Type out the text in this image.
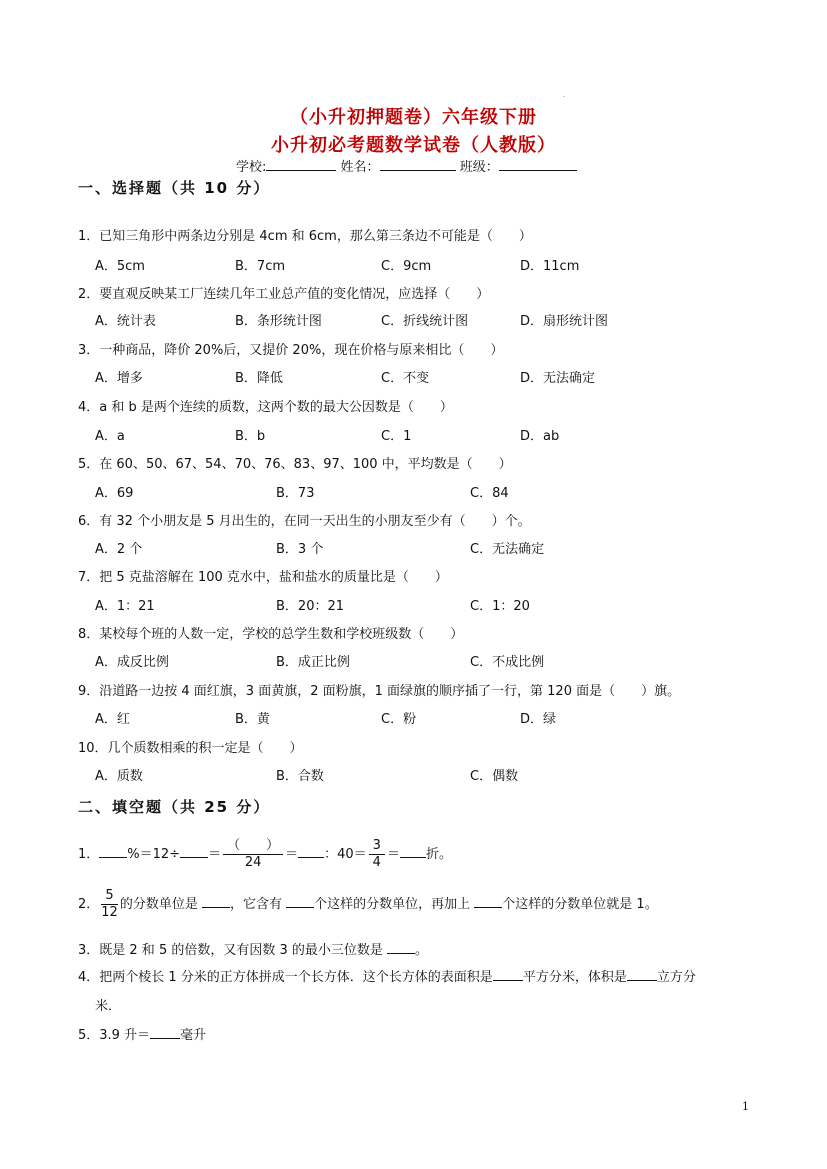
.
（小升初押题卷）六年级下册
小升初必考题数学试卷（人教版）
学校:	姓名：	班级：
一、选择题（共 10 分）
1．已知三角形中两条边分别是 4cm 和 6cm，那么第三条边不可能是（　　）
A．5cm	B．7cm	C．9cm	D．11cm
2．要直观反映某工厂连续几年工业总产值的变化情况，应选择（　　）
A．统计表	B．条形统计图	C．折线统计图	D．扇形统计图
3．一种商品，降价 20%后，又提价 20%，现在价格与原来相比（　　）
A．增多	B．降低	C．不变	D．无法确定
4．a 和 b 是两个连续的质数，这两个数的最大公因数是（　　）
A．a	B．b	C．1	D．ab
5．在 60、50、67、54、70、76、83、97、100 中，平均数是（　　）
A．69	B．73	C．84
6．有 32 个小朋友是 5 月出生的，在同一天出生的小朋友至少有（　　）个。
A．2 个	B．3 个	C．无法确定
7．把 5 克盐溶解在 100 克水中，盐和盐水的质量比是（　　）
A．1：21	B．20：21	C．1：20
8．某校每个班的人数一定，学校的总学生数和学校班级数（　　）
A．成反比例	B．成正比例	C．不成比例
9．沿道路一边按 4 面红旗，3 面黄旗，2 面粉旗，1 面绿旗的顺序插了一行，第 120 面是（　　）旗。
A．红	B．黄	C．粉	D．绿
10．几个质数相乘的积一定是（　　）
A．质数	B．合数	C．偶数
二、填空题（共 25 分）
1． $\%=12\div = \frac{( )}{24}$ ＝ ：$40= \frac{3}{4}$ ＝ 折。
2． $\frac{5}{12}$ 的分数单位是 ，它含有 个这样的分数单位，再加上 个这样的分数单位就是 1。
3．既是 2 和 5 的倍数，又有因数 3 的最小三位数是 。
4．把两个棱长 1 分米的正方体拼成一个长方体．这个长方体的表面积是 平方分米，体积是 立方分
米．
5．3.9 升＝ 毫升
1
